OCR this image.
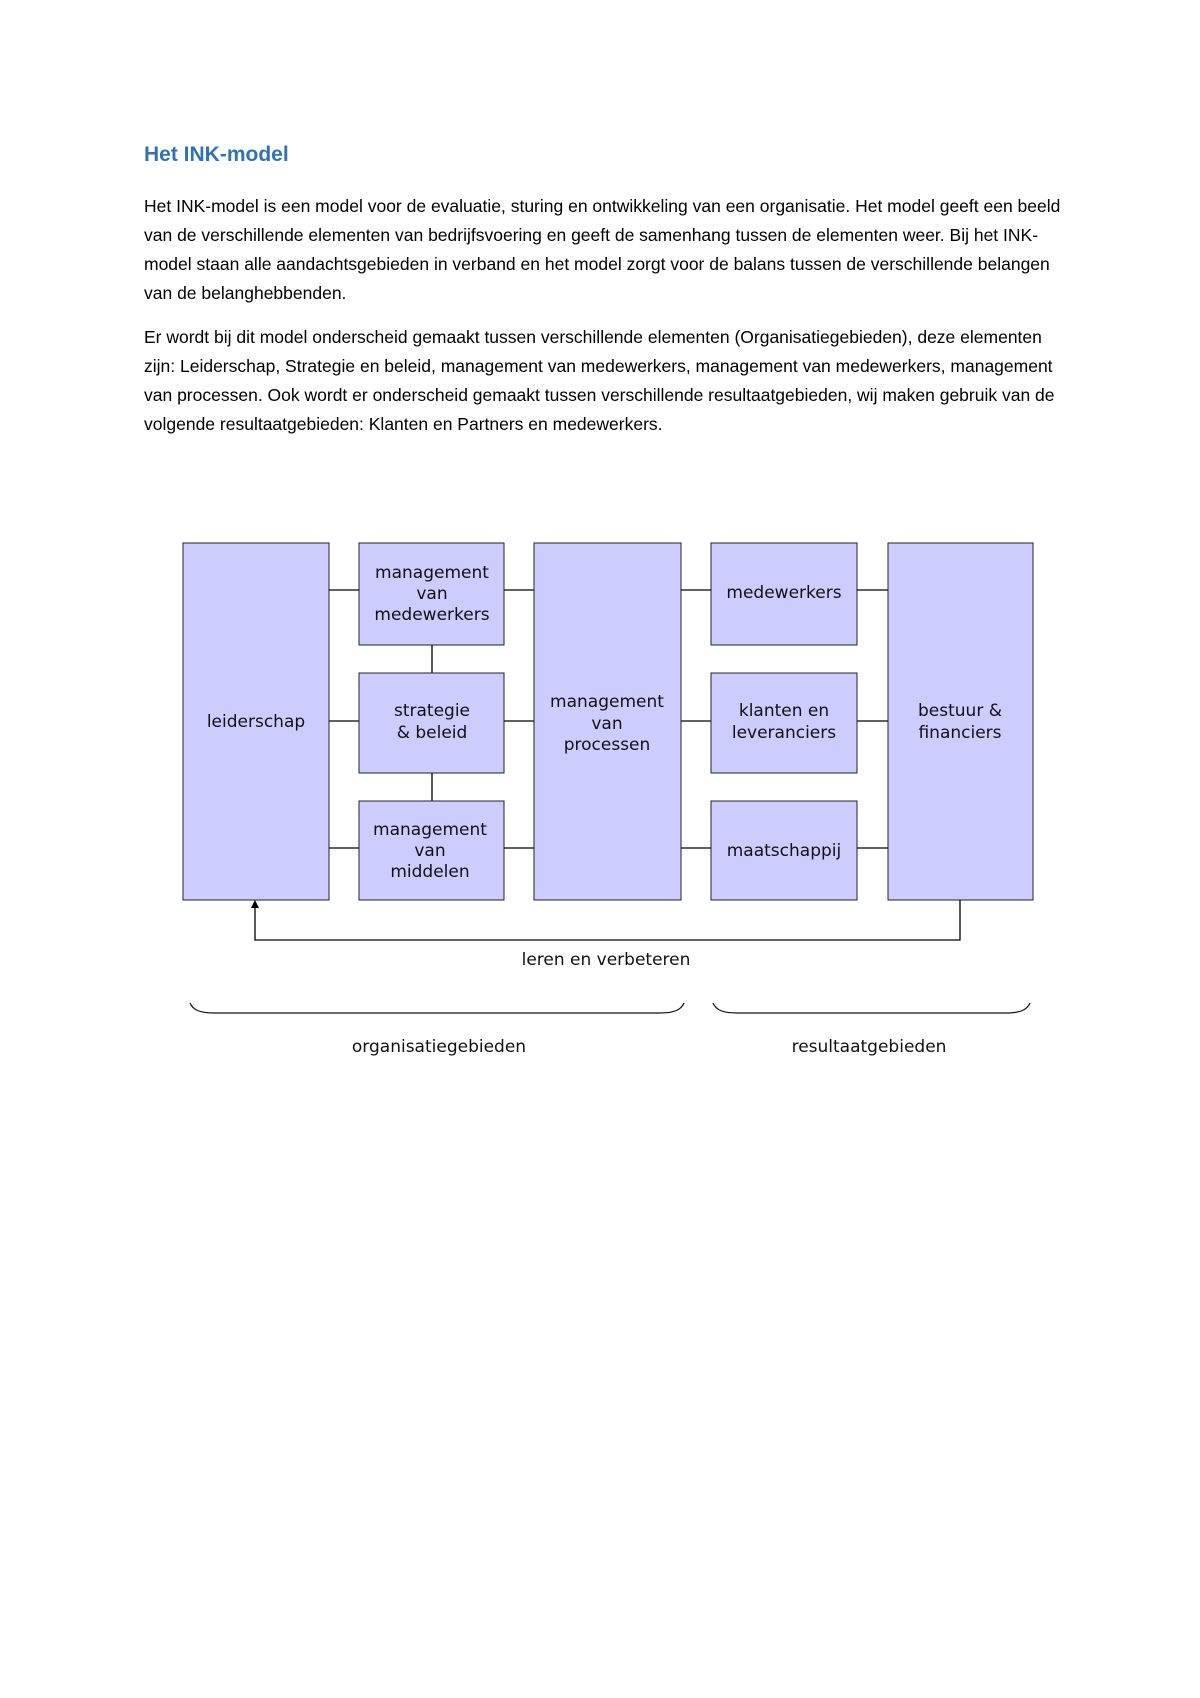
Het INK-model
Het INK-model is een model voor de evaluatie, sturing en ontwikkeling van een organisatie. Het model geeft een beeld van de verschillende elementen van bedrijfsvoering en geeft de samenhang tussen de elementen weer. Bij het INK-model staan alle aandachtsgebieden in verband en het model zorgt voor de balans tussen de verschillende belangen van de belanghebbenden.
Er wordt bij dit model onderscheid gemaakt tussen verschillende elementen (Organisatiegebieden), deze elementen zijn: Leiderschap, Strategie en beleid, management van medewerkers, management van medewerkers, management van processen. Ook wordt er onderscheid gemaakt tussen verschillende resultaatgebieden, wij maken gebruik van de volgende resultaatgebieden: Klanten en Partners en medewerkers.
leiderschap
management
van
medewerkers
strategie
& beleid
management
van
middelen
management
van
processen
medewerkers
klanten en
leveranciers
maatschappij
bestuur &
financiers
leren en verbeteren
organisatiegebieden	resultaatgebieden
